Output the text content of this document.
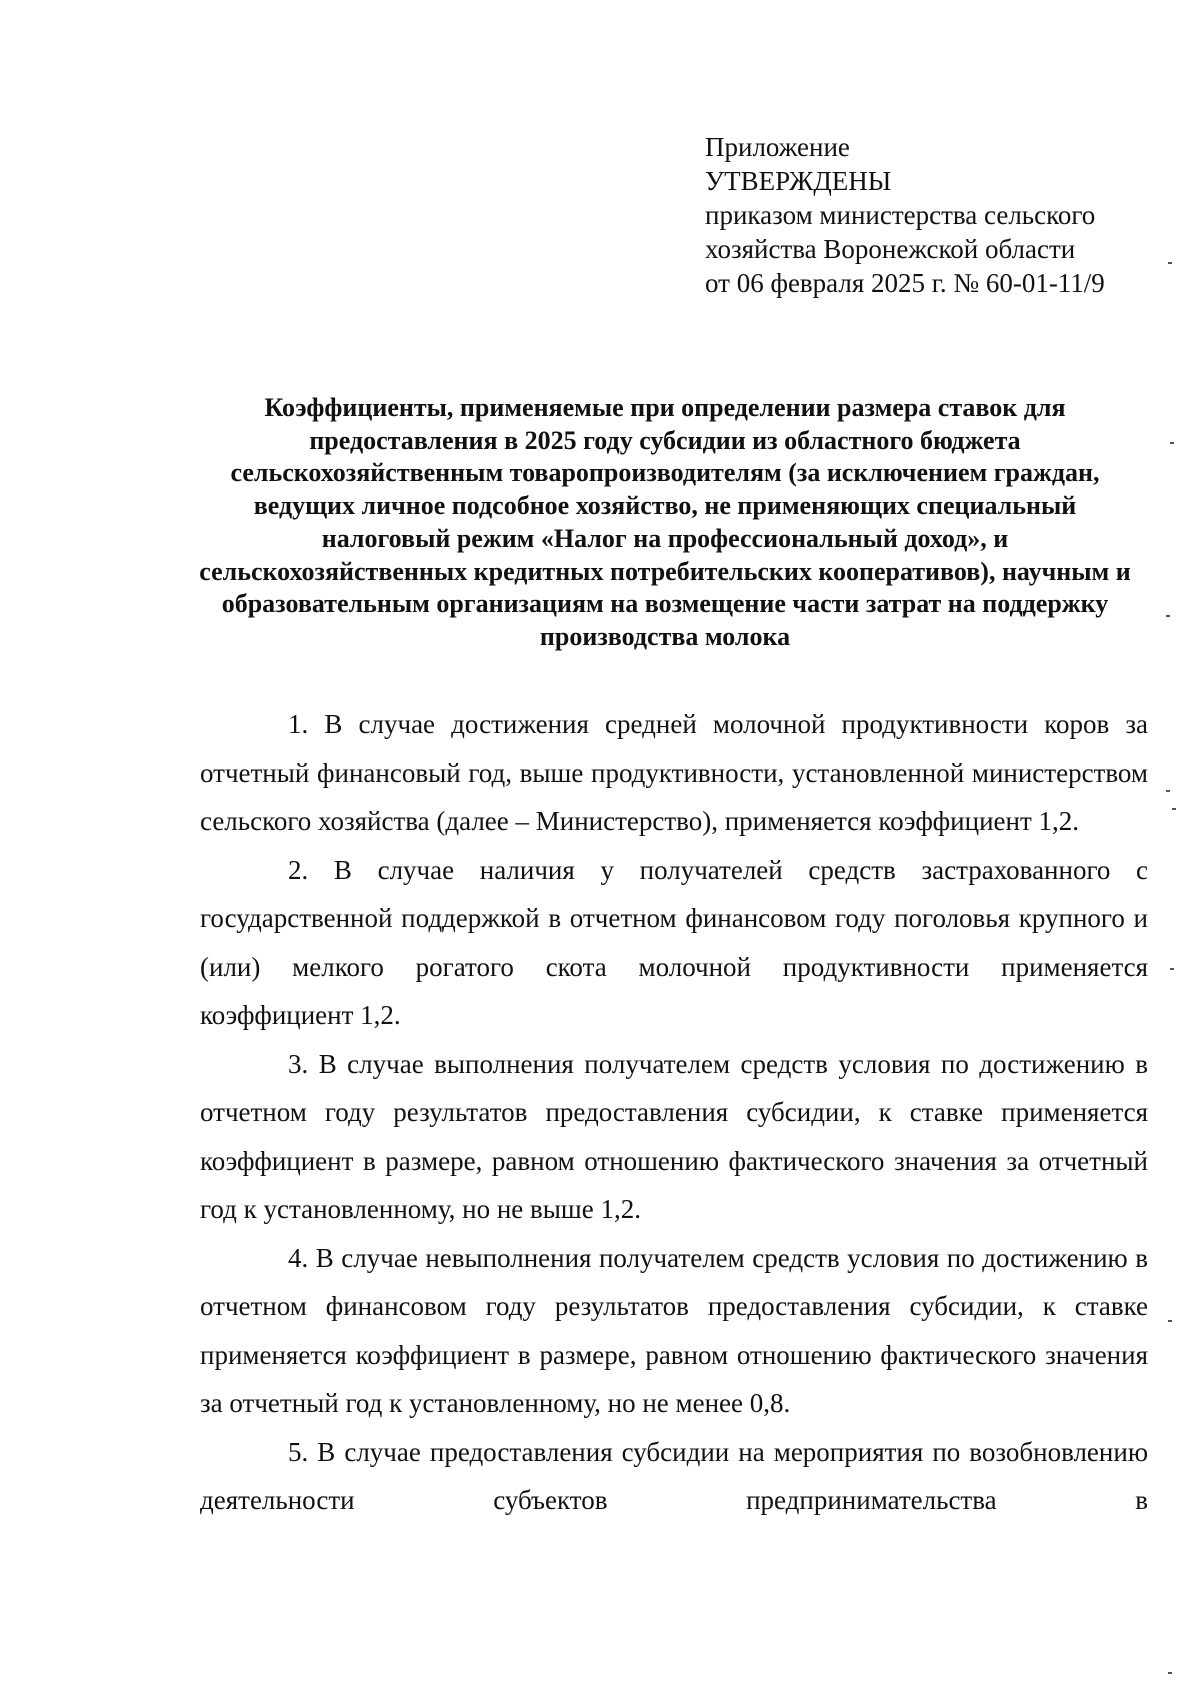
Приложение

УТВЕРЖДЕНЫ

приказом министерства сельского

хозяйства Воронежской области

от 06 февраля 2025 г. № 60-01-11/9

Коэффициенты, применяемые при определении размера ставок для предоставления в 2025 году субсидии из областного бюджета сельскохозяйственным товаропроизводителям (за исключением граждан, ведущих личное подсобное хозяйство, не применяющих специальный налоговый режим «Налог на профессиональный доход», и сельскохозяйственных кредитных потребительских кооперативов), научным и образовательным организациям на возмещение части затрат на поддержку производства молока

1. В случае достижения средней молочной продуктивности коров за отчетный финансовый год, выше продуктивности, установленной министерством сельского хозяйства (далее – Министерство), применяется коэффициент 1,2.

2. В случае наличия у получателей средств застрахованного с государственной поддержкой в отчетном финансовом году поголовья крупного и (или) мелкого рогатого скота молочной продуктивности применяется коэффициент 1,2.

3. В случае выполнения получателем средств условия по достижению в отчетном году результатов предоставления субсидии, к ставке применяется коэффициент в размере, равном отношению фактического значения за отчетный год к установленному, но не выше 1,2.

4. В случае невыполнения получателем средств условия по достижению в отчетном финансовом году результатов предоставления субсидии, к ставке применяется коэффициент в размере, равном отношению фактического значения за отчетный год к установленному, но не менее 0,8.

5. В случае предоставления субсидии на мероприятия по возобновлению деятельности субъектов предпринимательства в
